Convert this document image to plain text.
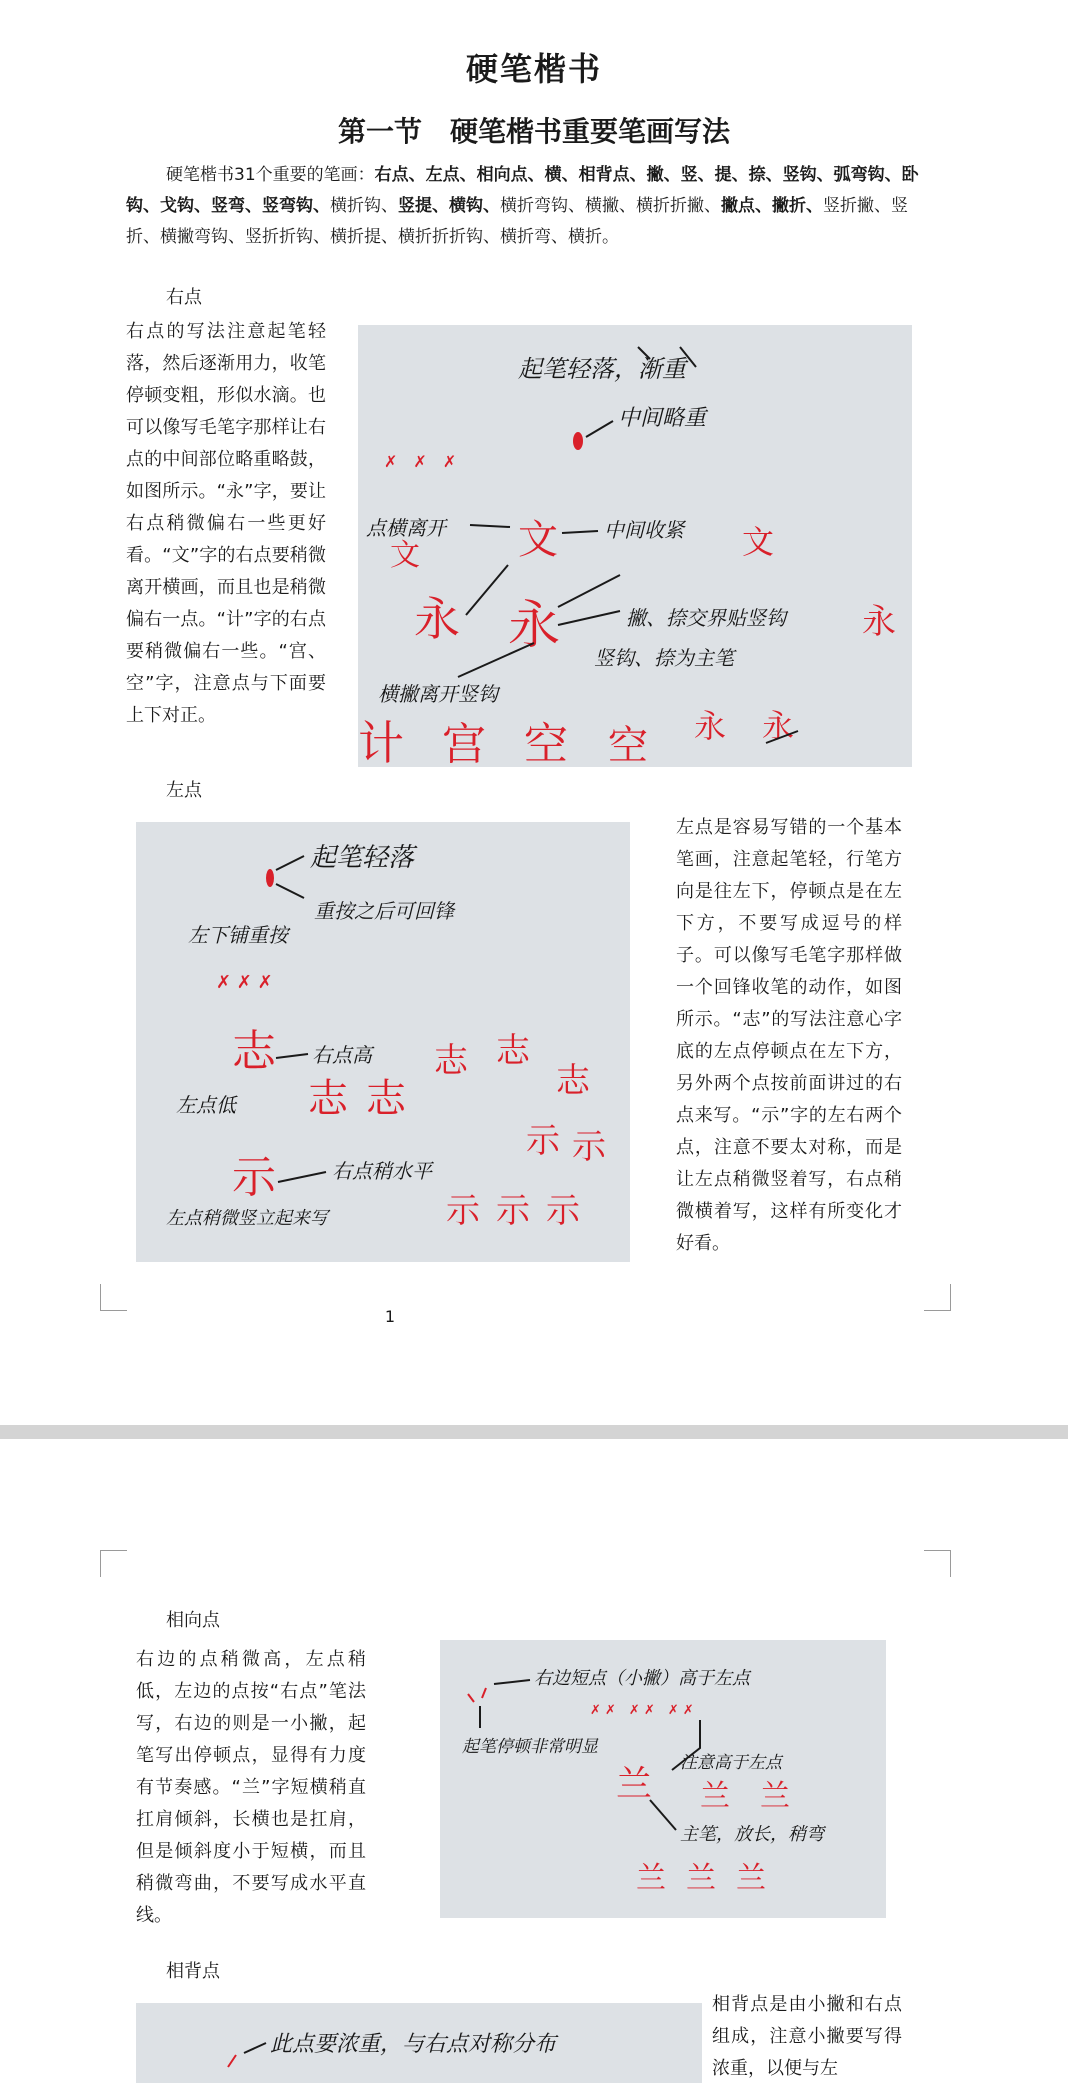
硬笔楷书
第一节　硬笔楷书重要笔画写法
硬笔楷书31个重要的笔画：右点、左点、相向点、横、相背点、撇、竖、提、捺、竖钩、弧弯钩、卧钩、戈钩、竖弯、竖弯钩、横折钩、竖提、横钩、横折弯钩、横撇、横折折撇、撇点、撇折、竖折撇、竖折、横撇弯钩、竖折折钩、横折提、横折折折钩、横折弯、横折。
右点
右点的写法注意起笔轻落，然后逐渐用力，收笔停顿变粗，形似水滴。也可以像写毛笔字那样让右点的中间部位略重略鼓，如图所示。“永”字，要让右点稍微偏右一些更好看。“文”字的右点要稍微离开横画，而且也是稍微偏右一点。“计”字的右点要稍微偏右一些。“宫、空”字，注意点与下面要上下对正。
起笔轻落，渐重
中间略重
✗　✗　✗
点横离开 文
文
中间收紧 文
永 永	撇、捺交界贴竖钩 永
竖钩、捺为主笔
横撇离开竖钩
计 宫 空 空 永 永
左点
起笔轻落
左下铺重按
重按之后可回锋
✗ ✗ ✗
志 右点高
左点低 志 志
志 志
志
示	右点稍水平
左点稍微竖立起来写
示 示
示 示 示
左点是容易写错的一个基本笔画，注意起笔轻，行笔方向是往左下，停顿点是在左下方，不要写成逗号的样子。可以像写毛笔字那样做一个回锋收笔的动作，如图所示。“志”的写法注意心字底的左点停顿点在左下方，另外两个点按前面讲过的右点来写。“示”字的左右两个点，注意不要太对称，而是让左点稍微竖着写，右点稍微横着写，这样有所变化才好看。
1
相向点
右边的点稍微高，左点稍低，左边的点按“右点”笔法写，右边的则是一小撇，起笔写出停顿点，显得有力度有节奏感。“兰”字短横稍直扛肩倾斜，长横也是扛肩，但是倾斜度小于短横，而且稍微弯曲，不要写成水平直线。
右边短点（小撇）高于左点
起笔停顿非常明显
✗ ✗　✗ ✗　✗ ✗
注意高于左点
兰 兰 兰
主笔，放长，稍弯
兰 兰 兰
相背点
此点要浓重，与右点对称分布
相背点是由小撇和右点组成，注意小撇要写得浓重，以便与左
